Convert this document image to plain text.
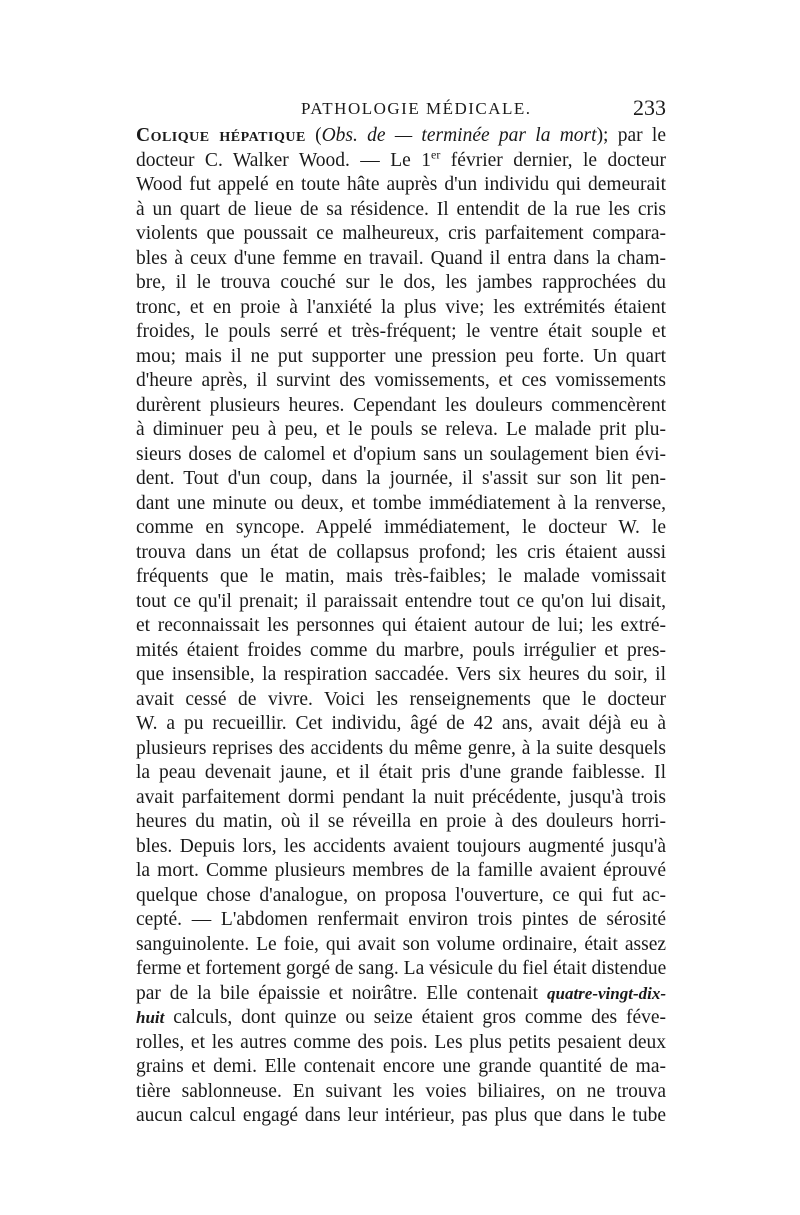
PATHOLOGIE MÉDICALE.	233
Colique hépatique (Obs. de — terminée par la mort); par le
docteur C. Walker Wood. — Le 1er février dernier, le docteur
Wood fut appelé en toute hâte auprès d'un individu qui demeurait
à un quart de lieue de sa résidence. Il entendit de la rue les cris
violents que poussait ce malheureux, cris parfaitement compara-
bles à ceux d'une femme en travail. Quand il entra dans la cham-
bre, il le trouva couché sur le dos, les jambes rapprochées du
tronc, et en proie à l'anxiété la plus vive; les extrémités étaient
froides, le pouls serré et très-fréquent; le ventre était souple et
mou; mais il ne put supporter une pression peu forte. Un quart
d'heure après, il survint des vomissements, et ces vomissements
durèrent plusieurs heures. Cependant les douleurs commencèrent
à diminuer peu à peu, et le pouls se releva. Le malade prit plu-
sieurs doses de calomel et d'opium sans un soulagement bien évi-
dent. Tout d'un coup, dans la journée, il s'assit sur son lit pen-
dant une minute ou deux, et tombe immédiatement à la renverse,
comme en syncope. Appelé immédiatement, le docteur W. le
trouva dans un état de collapsus profond; les cris étaient aussi
fréquents que le matin, mais très-faibles; le malade vomissait
tout ce qu'il prenait; il paraissait entendre tout ce qu'on lui disait,
et reconnaissait les personnes qui étaient autour de lui; les extré-
mités étaient froides comme du marbre, pouls irrégulier et pres-
que insensible, la respiration saccadée. Vers six heures du soir, il
avait cessé de vivre. Voici les renseignements que le docteur
W. a pu recueillir. Cet individu, âgé de 42 ans, avait déjà eu à
plusieurs reprises des accidents du même genre, à la suite desquels
la peau devenait jaune, et il était pris d'une grande faiblesse. Il
avait parfaitement dormi pendant la nuit précédente, jusqu'à trois
heures du matin, où il se réveilla en proie à des douleurs horri-
bles. Depuis lors, les accidents avaient toujours augmenté jusqu'à
la mort. Comme plusieurs membres de la famille avaient éprouvé
quelque chose d'analogue, on proposa l'ouverture, ce qui fut ac-
cepté. — L'abdomen renfermait environ trois pintes de sérosité
sanguinolente. Le foie, qui avait son volume ordinaire, était assez
ferme et fortement gorgé de sang. La vésicule du fiel était distendue
par de la bile épaissie et noirâtre. Elle contenait quatre-vingt-dix-
huit calculs, dont quinze ou seize étaient gros comme des féve-
rolles, et les autres comme des pois. Les plus petits pesaient deux
grains et demi. Elle contenait encore une grande quantité de ma-
tière sablonneuse. En suivant les voies biliaires, on ne trouva
aucun calcul engagé dans leur intérieur, pas plus que dans le tube
